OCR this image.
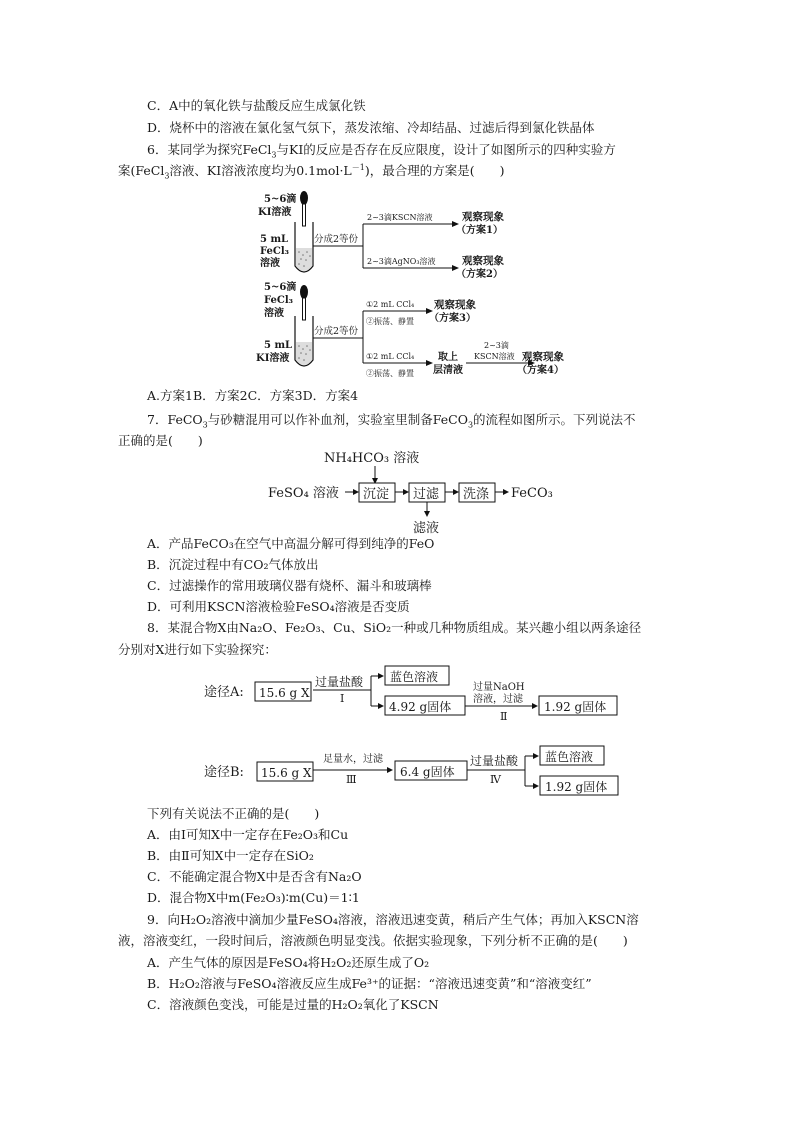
C．A中的氧化铁与盐酸反应生成氯化铁
D．烧杯中的溶液在氯化氢气氛下，蒸发浓缩、冷却结晶、过滤后得到氯化铁晶体
6．某同学为探究FeCl$_3$与KI的反应是否存在反应限度，设计了如图所示的四种实验方
案(FeCl$_3$溶液、KI溶液浓度均为$0.1mol\cdot L^{-1}$)，最合理的方案是(　　)
5~6滴
KI溶液
5 mL
FeCl₃
溶液
分成2等份
2~3滴KSCN溶液
2~3滴AgNO₃溶液
观察现象
（方案1）
观察现象
（方案2）
5~6滴
FeCl₃
溶液
5 mL
KI溶液
分成2等份
①2 mL CCl₄
②振荡、静置
观察现象
（方案3）
①2 mL CCl₄
②振荡、静置
取上
层清液
2~3滴
KSCN溶液 观察现象
（方案4）
A.方案1B．方案2C．方案3D．方案4
7．FeCO$_3$与砂糖混用可以作补血剂，实验室里制备FeCO$_3$的流程如图所示。下列说法不
正确的是(　　)
NH₄HCO₃ 溶液
FeSO₄ 溶液 沉淀 过滤
滤液
洗涤 FeCO₃
A．产品FeCO₃在空气中高温分解可得到纯净的FeO
B．沉淀过程中有CO₂气体放出
C．过滤操作的常用玻璃仪器有烧杯、漏斗和玻璃棒
D．可利用KSCN溶液检验FeSO₄溶液是否变质
8．某混合物X由Na₂O、Fe₂O₃、Cu、SiO₂一种或几种物质组成。某兴趣小组以两条途径
分别对X进行如下实验探究：
途径A: 15.6 g X
过量盐酸
Ⅰ
蓝色溶液
4.92 g固体
过量NaOH
溶液，过滤
Ⅱ
1.92 g固体
途径B: 15.6 g X
足量水，过滤
Ⅲ
6.4 g固体
过量盐酸
Ⅳ
蓝色溶液
1.92 g固体
下列有关说法不正确的是(　　)
A．由Ⅰ可知X中一定存在Fe₂O₃和Cu
B．由Ⅱ可知X中一定存在SiO₂
C．不能确定混合物X中是否含有Na₂O
D．混合物X中m(Fe₂O₃)∶m(Cu)＝1∶1
9．向H₂O₂溶液中滴加少量FeSO₄溶液，溶液迅速变黄，稍后产生气体；再加入KSCN溶
液，溶液变红，一段时间后，溶液颜色明显变浅。依据实验现象，下列分析不正确的是(　　)
A．产生气体的原因是FeSO₄将H₂O₂还原生成了O₂
B．H₂O₂溶液与FeSO₄溶液反应生成Fe³⁺的证据：“溶液迅速变黄”和“溶液变红”
C．溶液颜色变浅，可能是过量的H₂O₂氧化了KSCN
